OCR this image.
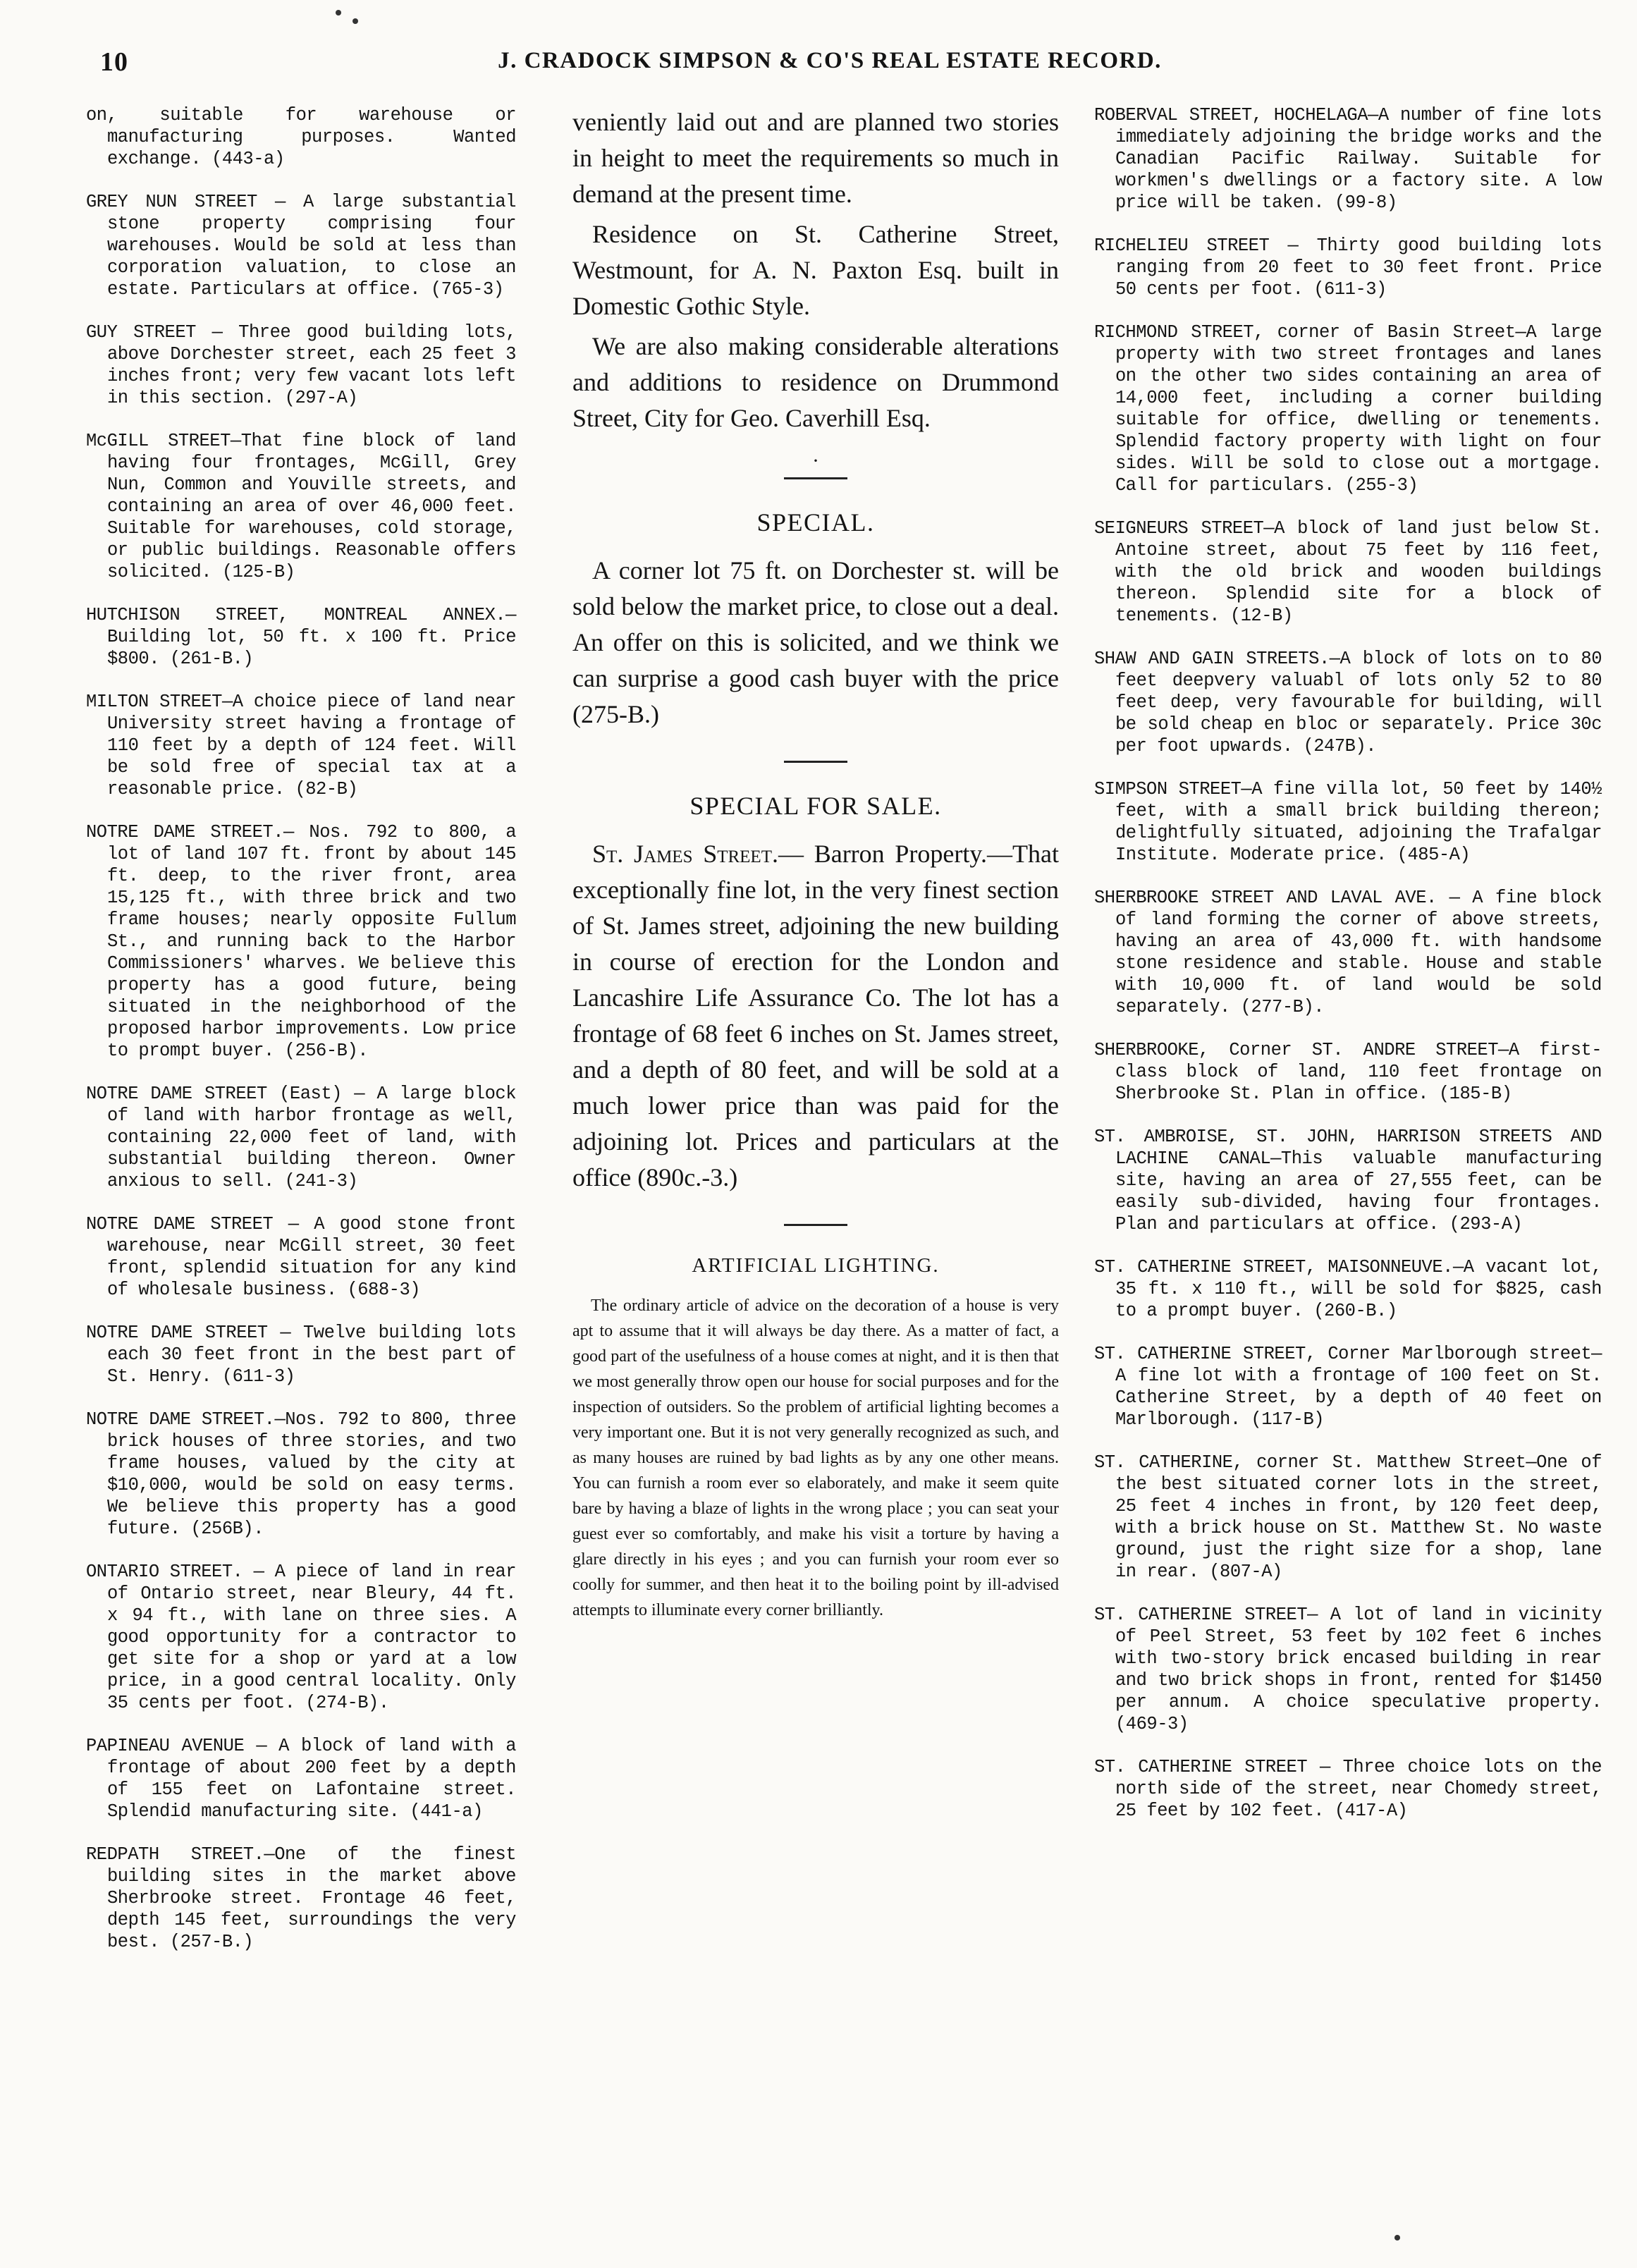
10	J. CRADOCK SIMPSON & CO'S REAL ESTATE RECORD.

on, suitable for warehouse or manufacturing purposes. Wanted exchange. (443-a)

GREY NUN STREET — A large substantial stone property comprising four warehouses. Would be sold at less than corporation valuation, to close an estate. Particulars at office. (765-3)

GUY STREET — Three good building lots, above Dorchester street, each 25 feet 3 inches front; very few vacant lots left in this section. (297-A)

McGILL STREET—That fine block of land having four frontages, McGill, Grey Nun, Common and Youville streets, and containing an area of over 46,000 feet. Suitable for warehouses, cold storage, or public buildings. Reasonable offers solicited. (125-B)

HUTCHISON STREET, MONTREAL ANNEX.—Building lot, 50 ft. x 100 ft. Price $800. (261-B.)

MILTON STREET—A choice piece of land near University street having a frontage of 110 feet by a depth of 124 feet. Will be sold free of special tax at a reasonable price. (82-B)

NOTRE DAME STREET.— Nos. 792 to 800, a lot of land 107 ft. front by about 145 ft. deep, to the river front, area 15,125 ft., with three brick and two frame houses; nearly opposite Fullum St., and running back to the Harbor Commissioners' wharves. We believe this property has a good future, being situated in the neighborhood of the proposed harbor improvements. Low price to prompt buyer. (256-B).

NOTRE DAME STREET (East) — A large block of land with harbor frontage as well, containing 22,000 feet of land, with substantial building thereon. Owner anxious to sell. (241-3)

NOTRE DAME STREET — A good stone front warehouse, near McGill street, 30 feet front, splendid situation for any kind of wholesale business. (688-3)

NOTRE DAME STREET — Twelve building lots each 30 feet front in the best part of St. Henry. (611-3)

NOTRE DAME STREET.—Nos. 792 to 800, three brick houses of three stories, and two frame houses, valued by the city at $10,000, would be sold on easy terms. We believe this property has a good future. (256B).

ONTARIO STREET. — A piece of land in rear of Ontario street, near Bleury, 44 ft. x 94 ft., with lane on three sies. A good opportunity for a contractor to get site for a shop or yard at a low price, in a good central locality. Only 35 cents per foot. (274-B).

PAPINEAU AVENUE — A block of land with a frontage of about 200 feet by a depth of 155 feet on Lafontaine street. Splendid manufacturing site. (441-a)

REDPATH STREET.—One of the finest building sites in the market above Sherbrooke street. Frontage 46 feet, depth 145 feet, surroundings the very best. (257-B.)

veniently laid out and are planned two stories in height to meet the requirements so much in demand at the present time.

Residence on St. Catherine Street, Westmount, for A. N. Paxton Esq. built in Domestic Gothic Style.

We are also making considerable alterations and additions to residence on Drummond Street, City for Geo. Caverhill Esq.

·
SPECIAL.

A corner lot 75 ft. on Dorchester st. will be sold below the market price, to close out a deal. An offer on this is solicited, and we think we can surprise a good cash buyer with the price (275-B.)

SPECIAL FOR SALE.

St. James Street.— Barron Property.—That exceptionally fine lot, in the very finest section of St. James street, adjoining the new building in course of erection for the London and Lancashire Life Assurance Co. The lot has a frontage of 68 feet 6 inches on St. James street, and a depth of 80 feet, and will be sold at a much lower price than was paid for the adjoining lot. Prices and particulars at the office (890c.-3.)

ARTIFICIAL LIGHTING.

The ordinary article of advice on the decoration of a house is very apt to assume that it will always be day there. As a matter of fact, a good part of the usefulness of a house comes at night, and it is then that we most generally throw open our house for social purposes and for the inspection of outsiders. So the problem of artificial lighting becomes a very important one. But it is not very generally recognized as such, and as many houses are ruined by bad lights as by any one other means. You can furnish a room ever so elaborately, and make it seem quite bare by having a blaze of lights in the wrong place ; you can seat your guest ever so comfortably, and make his visit a torture by having a glare directly in his eyes ; and you can furnish your room ever so coolly for summer, and then heat it to the boiling point by ill-advised attempts to illuminate every corner brilliantly.

ROBERVAL STREET, HOCHELAGA—A number of fine lots immediately adjoining the bridge works and the Canadian Pacific Railway. Suitable for workmen's dwellings or a factory site. A low price will be taken. (99-8)

RICHELIEU STREET — Thirty good building lots ranging from 20 feet to 30 feet front. Price 50 cents per foot. (611-3)

RICHMOND STREET, corner of Basin Street—A large property with two street frontages and lanes on the other two sides containing an area of 14,000 feet, including a corner building suitable for office, dwelling or tenements. Splendid factory property with light on four sides. Will be sold to close out a mortgage. Call for particulars. (255-3)

SEIGNEURS STREET—A block of land just below St. Antoine street, about 75 feet by 116 feet, with the old brick and wooden buildings thereon. Splendid site for a block of tenements. (12-B)

SHAW AND GAIN STREETS.—A block of lots on to 80 feet deepvery valuabl of lots only 52 to 80 feet deep, very favourable for building, will be sold cheap en bloc or separately. Price 30c per foot upwards. (247B).

SIMPSON STREET—A fine villa lot, 50 feet by 140½ feet, with a small brick building thereon; delightfully situated, adjoining the Trafalgar Institute. Moderate price. (485-A)

SHERBROOKE STREET AND LAVAL AVE. — A fine block of land forming the corner of above streets, having an area of 43,000 ft. with handsome stone residence and stable. House and stable with 10,000 ft. of land would be sold separately. (277-B).

SHERBROOKE, Corner ST. ANDRE STREET—A first-class block of land, 110 feet frontage on Sherbrooke St. Plan in office. (185-B)

ST. AMBROISE, ST. JOHN, HARRISON STREETS AND LACHINE CANAL—This valuable manufacturing site, having an area of 27,555 feet, can be easily sub-divided, having four frontages. Plan and particulars at office. (293-A)

ST. CATHERINE STREET, MAISONNEUVE.—A vacant lot, 35 ft. x 110 ft., will be sold for $825, cash to a prompt buyer. (260-B.)

ST. CATHERINE STREET, Corner Marlborough street—A fine lot with a frontage of 100 feet on St. Catherine Street, by a depth of 40 feet on Marlborough. (117-B)

ST. CATHERINE, corner St. Matthew Street—One of the best situated corner lots in the street, 25 feet 4 inches in front, by 120 feet deep, with a brick house on St. Matthew St. No waste ground, just the right size for a shop, lane in rear. (807-A)

ST. CATHERINE STREET— A lot of land in vicinity of Peel Street, 53 feet by 102 feet 6 inches with two-story brick encased building in rear and two brick shops in front, rented for $1450 per annum. A choice speculative property. (469-3)

ST. CATHERINE STREET — Three choice lots on the north side of the street, near Chomedy street, 25 feet by 102 feet. (417-A)
